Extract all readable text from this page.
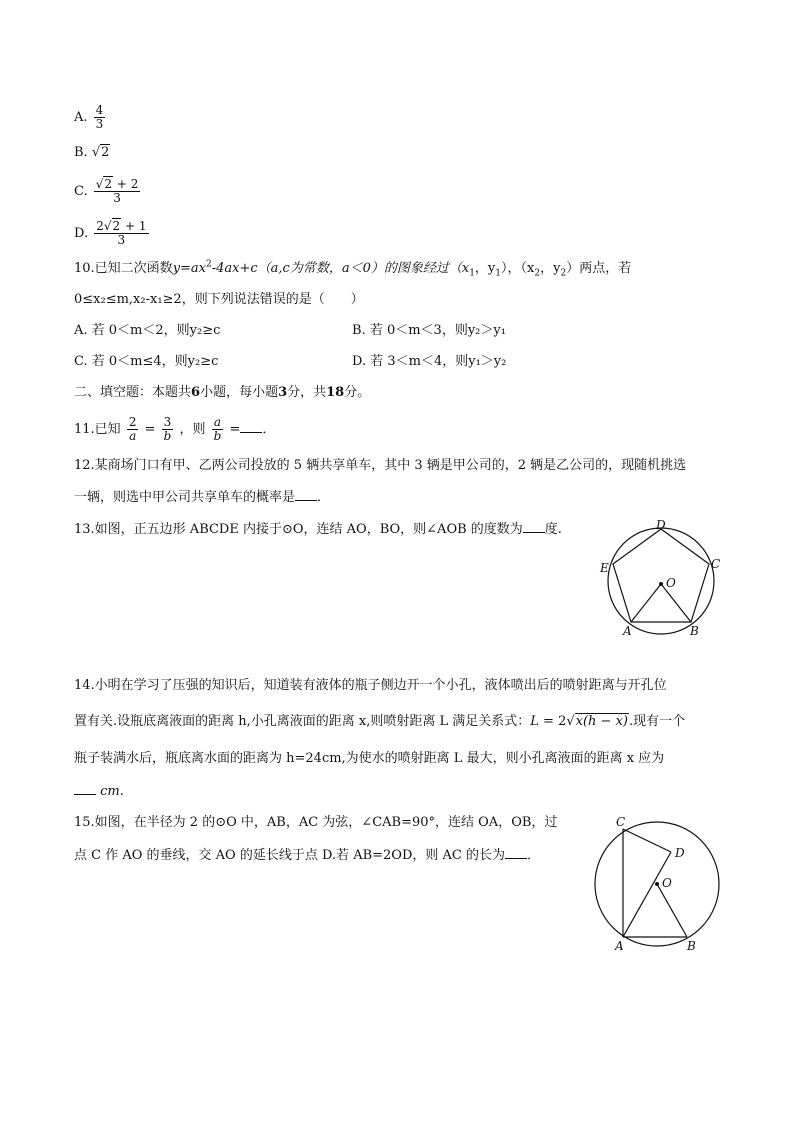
A. $\frac{4}{3}$
B. √2
C. $\frac{√2 + 2}{3}$
D. $\frac{2√2 + 1}{3}$
10.已知二次函数$y=ax^2-4ax+c(a,c$为常数，a＜0）的图象经过（$x_1$，$y_1$），（$x_2$，$y_2$）两点，若
0≤x₂≤m,x₂-x₁≥2，则下列说法错误的是（　　）
A. 若 0＜m＜2，则y₂≥c	B. 若 0＜m＜3，则y₂＞y₁
C. 若 0＜m≤4，则y₂≥c	D. 若 3＜m＜4，则y₁＞y₂
二、填空题：本题共6小题，每小题3分，共18分。
11.已知 $\frac{2}{a} = \frac{3}{b}$ ，则 $\frac{a}{b}$ = ．
12.某商场门口有甲、乙两公司投放的 5 辆共享单车，其中 3 辆是甲公司的，2 辆是乙公司的，现随机挑选
一辆，则选中甲公司共享单车的概率是 ．
13.如图，正五边形 ABCDE 内接于⊙O，连结 AO，BO，则∠AOB 的度数为 度.	D
C
E
O
A	B
14.小明在学习了压强的知识后，知道装有液体的瓶子侧边开一个小孔，液体喷出后的喷射距离与开孔位
置有关.设瓶底离液面的距离 h,小孔离液面的距离 x,则喷射距离 L 满足关系式：L = 2√x(h − x).现有一个
瓶子装满水后，瓶底离水面的距离为 h=24cm,为使水的喷射距离 L 最大，则小孔离液面的距离 x 应为
cm.
15.如图，在半径为 2 的⊙O 中，AB，AC 为弦，∠CAB=90°，连结 OA，OB，过
点 C 作 AO 的垂线，交 AO 的延长线于点 D.若 AB=2OD，则 AC 的长为 ．
C
D
O
A	B
